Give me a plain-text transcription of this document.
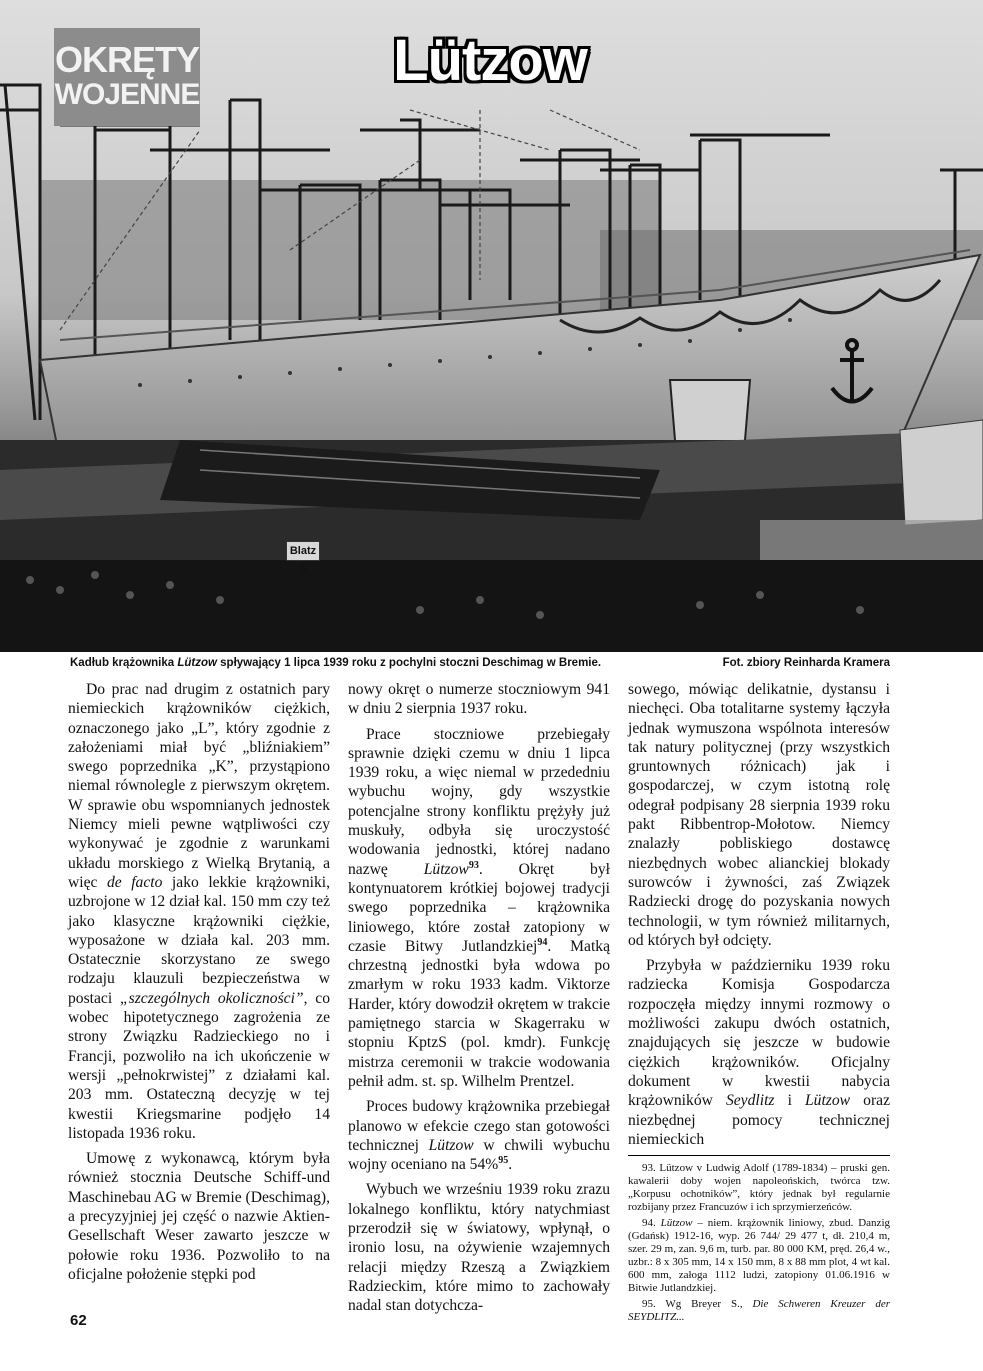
OKRĘTY
WOJENNE
Lützow
Blatz S
Kadłub krążownika Lützow spływający 1 lipca 1939 roku z pochylni stoczni Deschimag w Bremie.	Fot. zbiory Reinharda Kramera

Do prac nad drugim z ostatnich pary niemieckich krążowników ciężkich, oznaczonego jako „L”, który zgodnie z założeniami miał być „bliźniakiem” swego poprzednika „K”, przystąpiono niemal równolegle z pierwszym okrętem. W sprawie obu wspomnianych jednostek Niemcy mieli pewne wątpliwości czy wykonywać je zgodnie z warunkami układu morskiego z Wielką Brytanią, a więc de facto jako lekkie krążowniki, uzbrojone w 12 dział kal. 150 mm czy też jako klasyczne krążowniki ciężkie, wyposażone w działa kal. 203 mm. Ostatecznie skorzystano ze swego rodzaju klauzuli bezpieczeństwa w postaci „szczególnych okoliczności”, co wobec hipotetycznego zagrożenia ze strony Związku Radzieckiego no i Francji, pozwoliło na ich ukończenie w wersji „pełnokrwistej” z działami kal. 203 mm. Ostateczną decyzję w tej kwestii Kriegsmarine podjęło 14 listopada 1936 roku.

Umowę z wykonawcą, którym była również stocznia Deutsche Schiff-und Maschinebau AG w Bremie (Deschimag), a precyzyjniej jej część o nazwie Aktien-Gesellschaft Weser zawarto jeszcze w połowie roku 1936. Pozwoliło to na oficjalne położenie stępki pod

nowy okręt o numerze stoczniowym 941 w dniu 2 sierpnia 1937 roku.

Prace stoczniowe przebiegały sprawnie dzięki czemu w dniu 1 lipca 1939 roku, a więc niemal w przededniu wybuchu wojny, gdy wszystkie potencjalne strony konfliktu prężyły już muskuły, odbyła się uroczystość wodowania jednostki, której nadano nazwę Lützow$^{93}$. Okręt był kontynuatorem krótkiej bojowej tradycji swego poprzednika – krążownika liniowego, które został zatopiony w czasie Bitwy Jutlandzkiej$^{94}$. Matką chrzestną jednostki była wdowa po zmarłym w roku 1933 kadm. Viktorze Harder, który dowodził okrętem w trakcie pamiętnego starcia w Skagerraku w stopniu KptzS (pol. kmdr). Funkcję mistrza ceremonii w trakcie wodowania pełnił adm. st. sp. Wilhelm Prentzel.

Proces budowy krążownika przebiegał planowo w efekcie czego stan gotowości technicznej Lützow w chwili wybuchu wojny oceniano na 54%$^{95}$.

Wybuch we wrześniu 1939 roku zrazu lokalnego konfliktu, który natychmiast przerodził się w światowy, wpłynął, o ironio losu, na ożywienie wzajemnych relacji między Rzeszą a Związkiem Radzieckim, które mimo to zachowały nadal stan dotychcza-

sowego, mówiąc delikatnie, dystansu i niechęci. Oba totalitarne systemy łączyła jednak wymuszona wspólnota interesów tak natury politycznej (przy wszystkich gruntownych różnicach) jak i gospodarczej, w czym istotną rolę odegrał podpisany 28 sierpnia 1939 roku pakt Ribbentrop-Mołotow. Niemcy znalazły pobliskiego dostawcę niezbędnych wobec alianckiej blokady surowców i żywności, zaś Związek Radziecki drogę do pozyskania nowych technologii, w tym również militarnych, od których był odcięty.

Przybyła w październiku 1939 roku radziecka Komisja Gospodarcza rozpoczęła między innymi rozmowy o możliwości zakupu dwóch ostatnich, znajdujących się jeszcze w budowie ciężkich krążowników. Oficjalny dokument w kwestii nabycia krążowników Seydlitz i Lützow oraz niezbędnej pomocy technicznej niemieckich

93. Lützow v Ludwig Adolf (1789-1834) – pruski gen. kawalerii doby wojen napoleońskich, twórca tzw. „Korpusu ochotników”, który jednak był regularnie rozbijany przez Francuzów i ich sprzymierzeńców.

94. Lützow – niem. krążownik liniowy, zbud. Danzig (Gdańsk) 1912-16, wyp. 26 744/ 29 477 t, dł. 210,4 m, szer. 29 m, zan. 9,6 m, turb. par. 80 000 KM, pręd. 26,4 w., uzbr.: 8 x 305 mm, 14 x 150 mm, 8 x 88 mm plot, 4 wt kal. 600 mm, załoga 1112 ludzi, zatopiony 01.06.1916 w Bitwie Jutlandzkiej.

95. Wg Breyer S., Die Schweren Kreuzer der SEYDLITZ...

62
